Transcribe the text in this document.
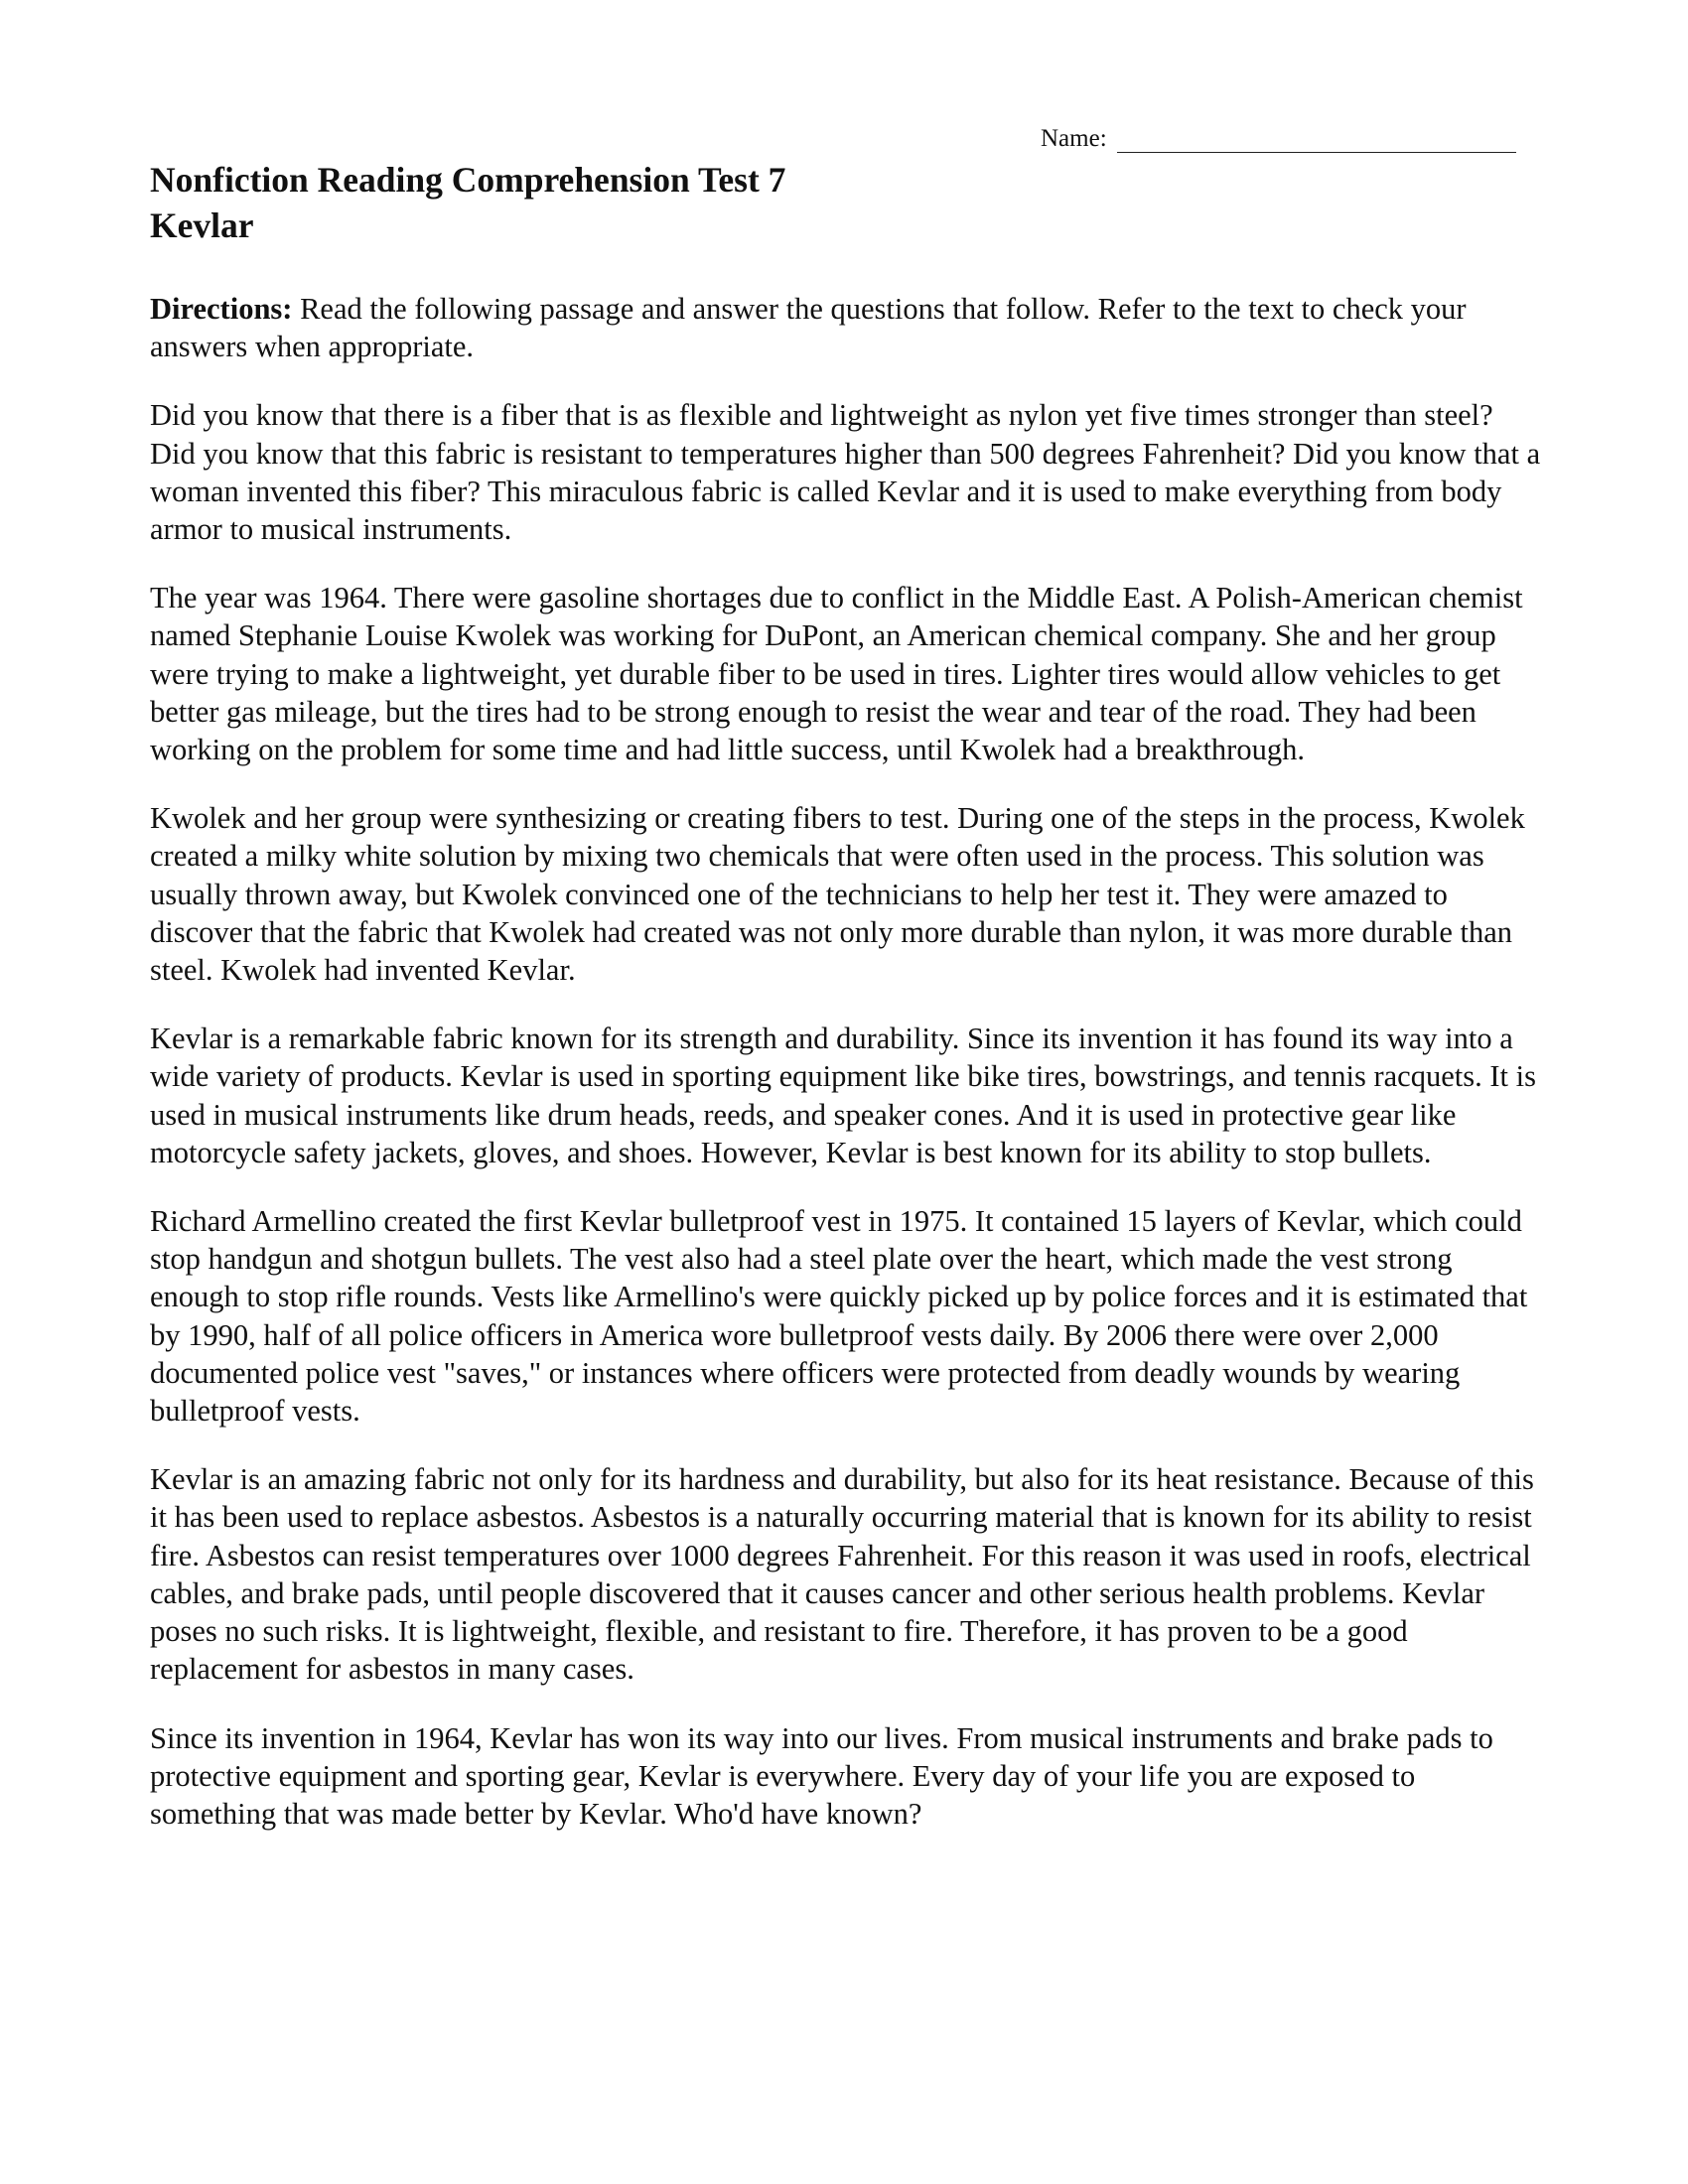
Name:
Nonfiction Reading Comprehension Test 7
Kevlar

Directions: Read the following passage and answer the questions that follow. Refer to the text to check your answers when appropriate.

Did you know that there is a fiber that is as flexible and lightweight as nylon yet five times stronger than steel? Did you know that this fabric is resistant to temperatures higher than 500 degrees Fahrenheit? Did you know that a woman invented this fiber? This miraculous fabric is called Kevlar and it is used to make everything from body armor to musical instruments.

The year was 1964. There were gasoline shortages due to conflict in the Middle East. A Polish-American chemist named Stephanie Louise Kwolek was working for DuPont, an American chemical company. She and her group were trying to make a lightweight, yet durable fiber to be used in tires. Lighter tires would allow vehicles to get better gas mileage, but the tires had to be strong enough to resist the wear and tear of the road. They had been working on the problem for some time and had little success, until Kwolek had a breakthrough.

Kwolek and her group were synthesizing or creating fibers to test. During one of the steps in the process, Kwolek created a milky white solution by mixing two chemicals that were often used in the process. This solution was usually thrown away, but Kwolek convinced one of the technicians to help her test it. They were amazed to discover that the fabric that Kwolek had created was not only more durable than nylon, it was more durable than steel. Kwolek had invented Kevlar.

Kevlar is a remarkable fabric known for its strength and durability. Since its invention it has found its way into a wide variety of products. Kevlar is used in sporting equipment like bike tires, bowstrings, and tennis racquets. It is used in musical instruments like drum heads, reeds, and speaker cones. And it is used in protective gear like motorcycle safety jackets, gloves, and shoes. However, Kevlar is best known for its ability to stop bullets.

Richard Armellino created the first Kevlar bulletproof vest in 1975. It contained 15 layers of Kevlar, which could stop handgun and shotgun bullets. The vest also had a steel plate over the heart, which made the vest strong enough to stop rifle rounds. Vests like Armellino's were quickly picked up by police forces and it is estimated that by 1990, half of all police officers in America wore bulletproof vests daily. By 2006 there were over 2,000 documented police vest "saves," or instances where officers were protected from deadly wounds by wearing bulletproof vests.

Kevlar is an amazing fabric not only for its hardness and durability, but also for its heat resistance. Because of this it has been used to replace asbestos. Asbestos is a naturally occurring material that is known for its ability to resist fire. Asbestos can resist temperatures over 1000 degrees Fahrenheit. For this reason it was used in roofs, electrical cables, and brake pads, until people discovered that it causes cancer and other serious health problems. Kevlar poses no such risks. It is lightweight, flexible, and resistant to fire. Therefore, it has proven to be a good replacement for asbestos in many cases.

Since its invention in 1964, Kevlar has won its way into our lives. From musical instruments and brake pads to protective equipment and sporting gear, Kevlar is everywhere. Every day of your life you are exposed to something that was made better by Kevlar. Who'd have known?
